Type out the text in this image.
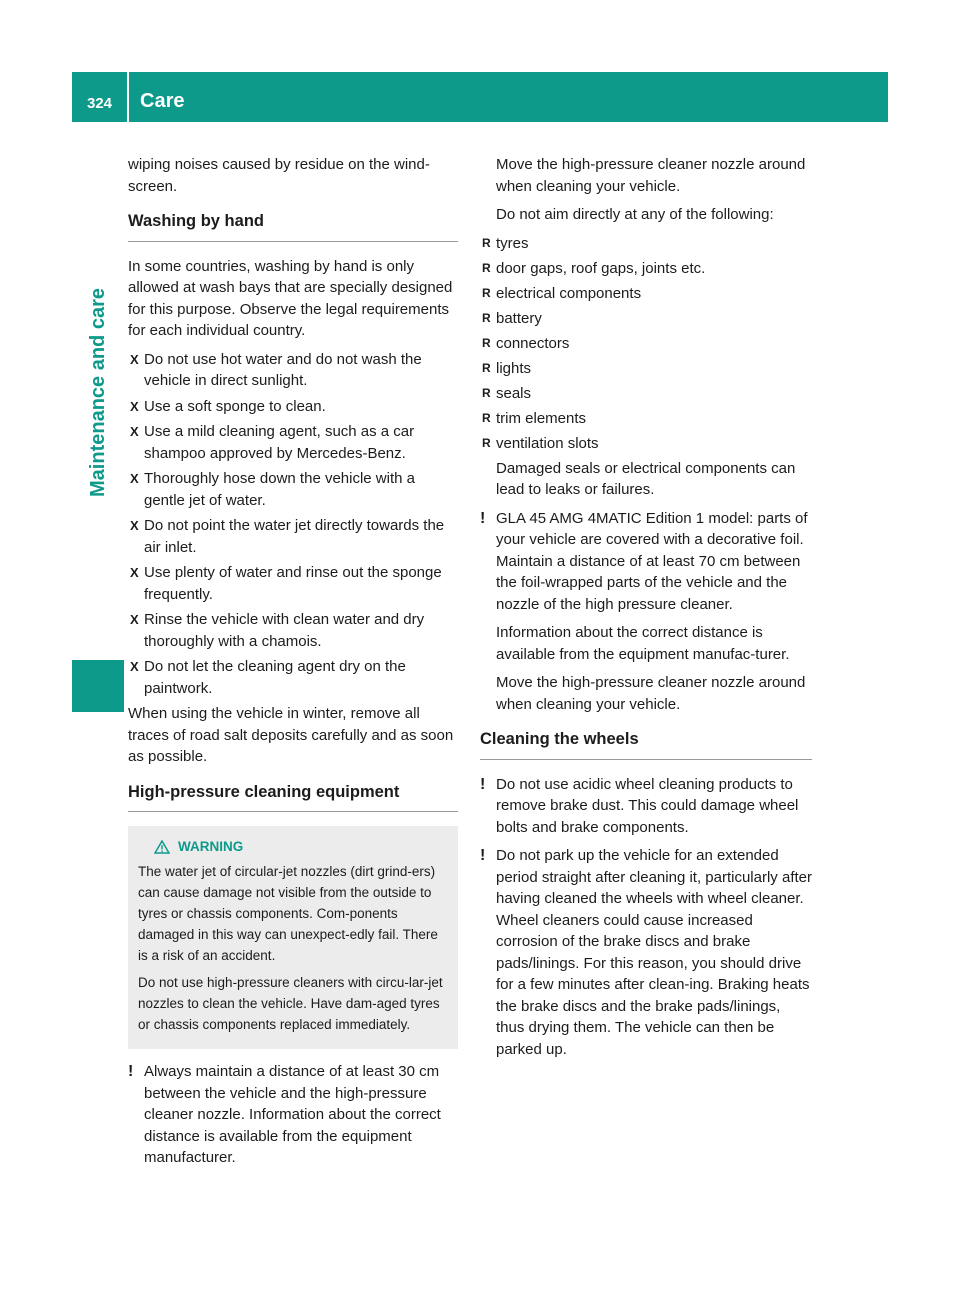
324	Care
Maintenance and care

wiping noises caused by residue on the wind-screen.

Washing by hand

In some countries, washing by hand is only allowed at wash bays that are specially designed for this purpose. Observe the legal requirements for each individual country.

X Do not use hot water and do not wash the vehicle in direct sunlight.
X Use a soft sponge to clean.
X Use a mild cleaning agent, such as a car shampoo approved by Mercedes-Benz.
X Thoroughly hose down the vehicle with a gentle jet of water.
X Do not point the water jet directly towards the air inlet.
X Use plenty of water and rinse out the sponge frequently.
X Rinse the vehicle with clean water and dry thoroughly with a chamois.
X Do not let the cleaning agent dry on the paintwork.

When using the vehicle in winter, remove all traces of road salt deposits carefully and as soon as possible.

High-pressure cleaning equipment
WARNING

The water jet of circular-jet nozzles (dirt grind-ers) can cause damage not visible from the outside to tyres or chassis components. Com-ponents damaged in this way can unexpect-edly fail. There is a risk of an accident.

Do not use high-pressure cleaners with circu-lar-jet nozzles to clean the vehicle. Have dam-aged tyres or chassis components replaced immediately.

! Always maintain a distance of at least 30 cm between the vehicle and the high-pressure cleaner nozzle. Information about the correct distance is available from the equipment manufacturer.

Move the high-pressure cleaner nozzle around when cleaning your vehicle.

Do not aim directly at any of the following:

R tyres
R door gaps, roof gaps, joints etc.
R electrical components
R battery
R connectors
R lights
R seals
R trim elements
R ventilation slots

Damaged seals or electrical components can lead to leaks or failures.

! GLA 45 AMG 4MATIC Edition 1 model: parts of your vehicle are covered with a decorative foil. Maintain a distance of at least 70 cm between the foil-wrapped parts of the vehicle and the nozzle of the high pressure cleaner.

Information about the correct distance is available from the equipment manufac-turer.

Move the high-pressure cleaner nozzle around when cleaning your vehicle.

Cleaning the wheels
! Do not use acidic wheel cleaning products to remove brake dust. This could damage wheel bolts and brake components.
! Do not park up the vehicle for an extended period straight after cleaning it, particularly after having cleaned the wheels with wheel cleaner. Wheel cleaners could cause increased corrosion of the brake discs and brake pads/linings. For this reason, you should drive for a few minutes after clean-ing. Braking heats the brake discs and the brake pads/linings, thus drying them. The vehicle can then be parked up.
